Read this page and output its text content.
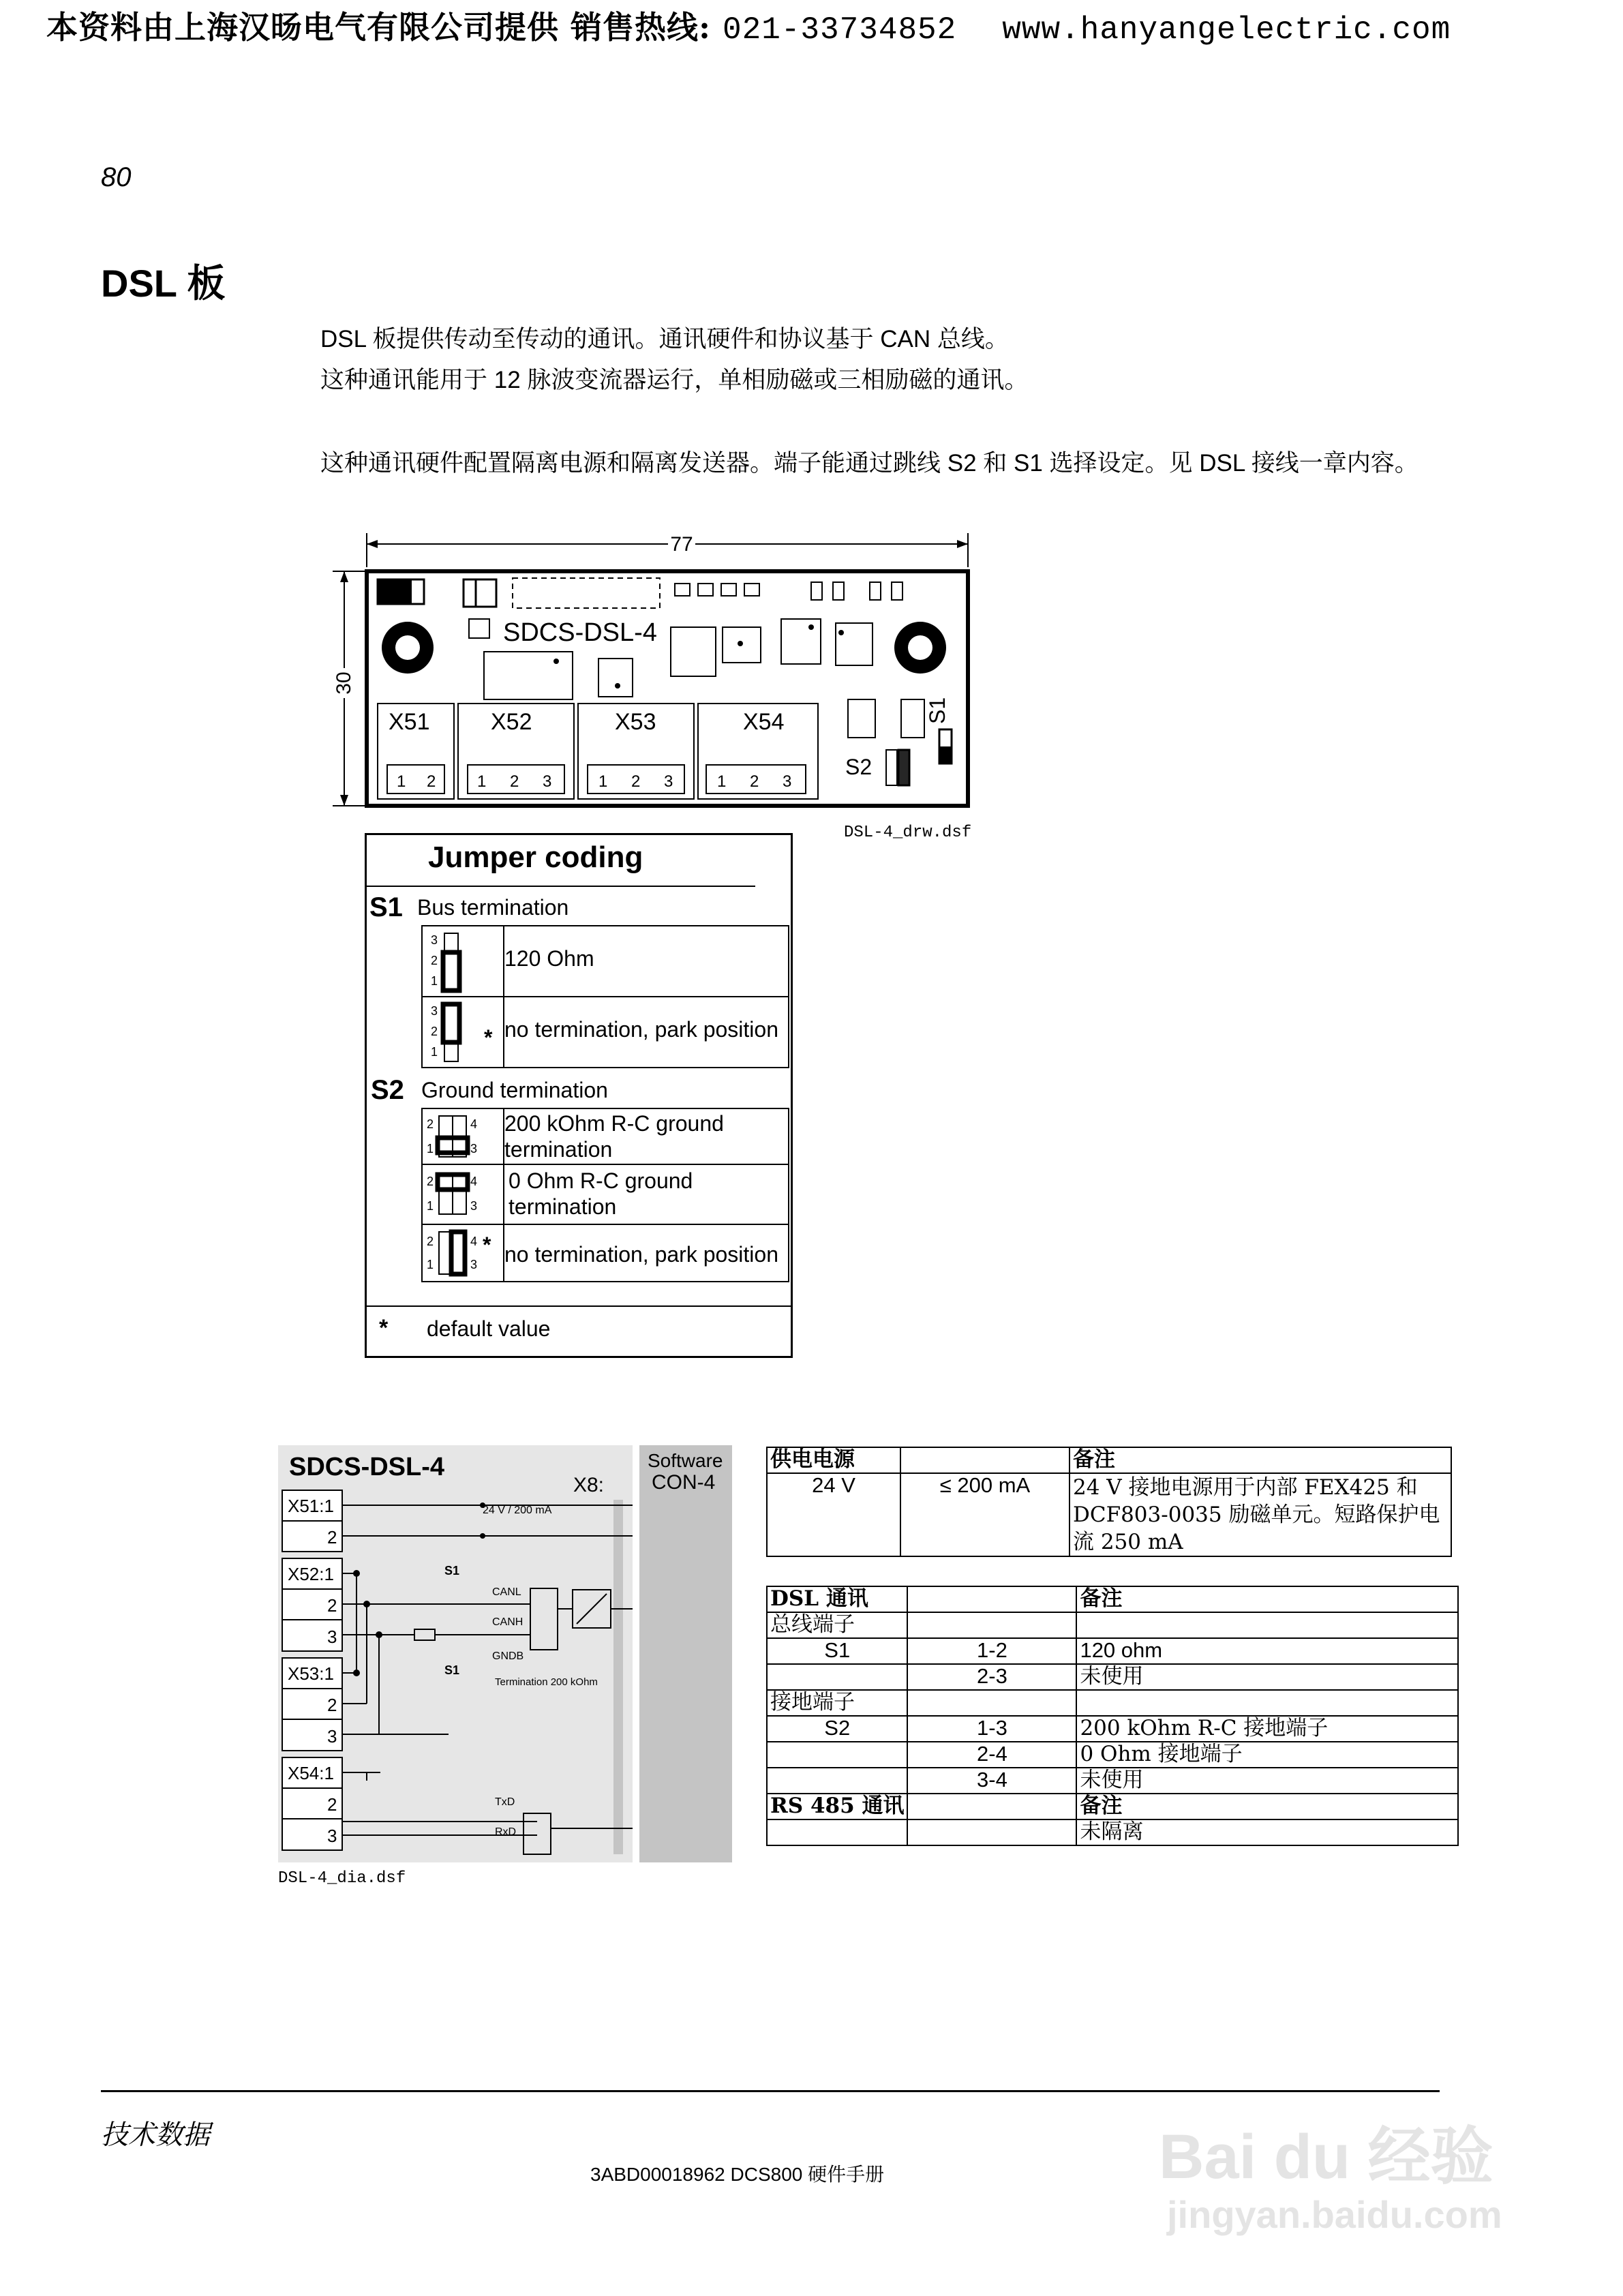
本资料由上海汉旸电气有限公司提供 销售热线: 021-33734852 www.hanyangelectric.com
80
DSL 板
DSL 板提供传动至传动的通讯。通讯硬件和协议基于 CAN 总线。
这种通讯能用于 12 脉波变流器运行，单相励磁或三相励磁的通讯。
这种通讯硬件配置隔离电源和隔离发送器。端子能通过跳线 S2 和 S1 选择设定。见 DSL 接线一章内容。
77
30
SDCS-DSL-4
X51
1 2
X52
1 2 3
X53
1 2 3
X54
1 2 3
S1
S2
DSL-4_drw.dsf
Jumper coding
S1 Bus termination
3
2
1
120 Ohm
3
2
1
* no termination, park position
S2 Ground termination
2
1
4
3
200 kOhm R-C ground termination
2
1
4
3
0 Ohm R-C ground termination
2
1
4
3
* no termination, park position
* default value
SDCS-DSL-4	Software
CON-4
X8:
X51:1
2
X52:1
2
3
X53:1
2
3
X54:1
2
3
24 V / 200 mA
S1
CANL
CANH
S1
GNDB
Termination 200 kOhm
TxD
RxD
DSL-4_dia.dsf
供电电源		备注
24 V	≤ 200 mA	24 V 接地电源用于内部 FEX425 和 DCF803-0035 励磁单元。短路保护电流 250 mA
DSL 通讯		备注
总线端子		
S1	1-2	120 ohm
	2-3	未使用
接地端子		
S2	1-3	200 kOhm R-C 接地端子
	2-4	0 Ohm 接地端子
	3-4	未使用
RS 485 通讯		备注
		未隔离
技术数据
3ABD00018962 DCS800 硬件手册	Bai du 经验
jingyan.baidu.com
